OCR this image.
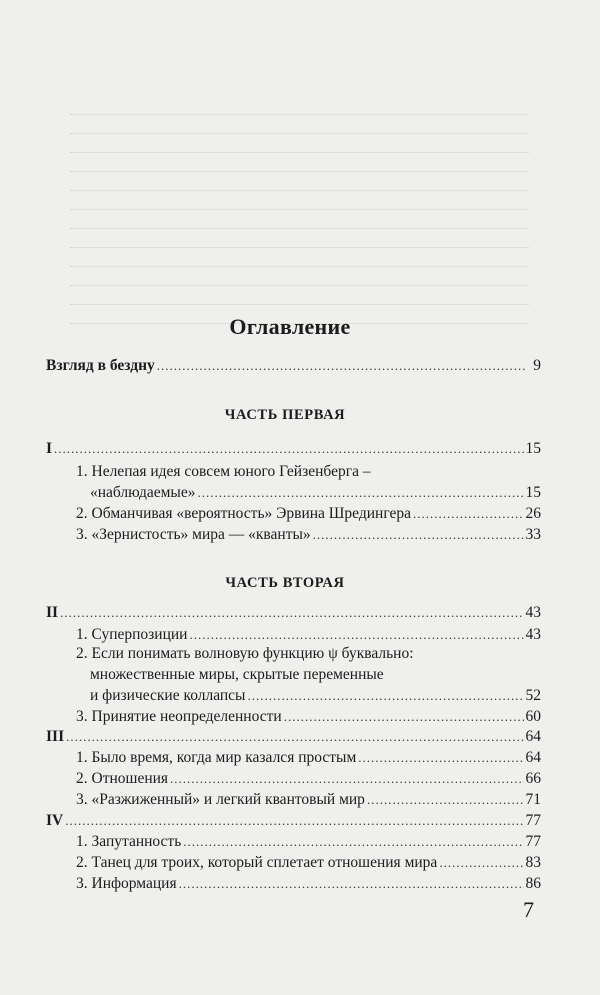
Оглавление
Взгляд в бездну .....	9
ЧАСТЬ ПЕРВАЯ
I .....	15
1. Нелепая идея совсем юного Гейзенберга –
«наблюдаемые» .....	15
2. Обманчивая «вероятность» Эрвина Шредингера .....	26
3. «Зернистость» мира — «кванты» .....	33
ЧАСТЬ ВТОРАЯ
II .....	43
1. Суперпозиции .....	43
2. Если понимать волновую функцию ψ буквально:
множественные миры, скрытые переменные
и физические коллапсы .....	52
3. Принятие неопределенности .....	60
III .....	64
1. Было время, когда мир казался простым .....	64
2. Отношения .....	66
3. «Разжиженный» и легкий квантовый мир .....	71
IV .....	77
1. Запутанность .....	77
2. Танец для троих, который сплетает отношения мира .....	83
3. Информация .....	86
7
